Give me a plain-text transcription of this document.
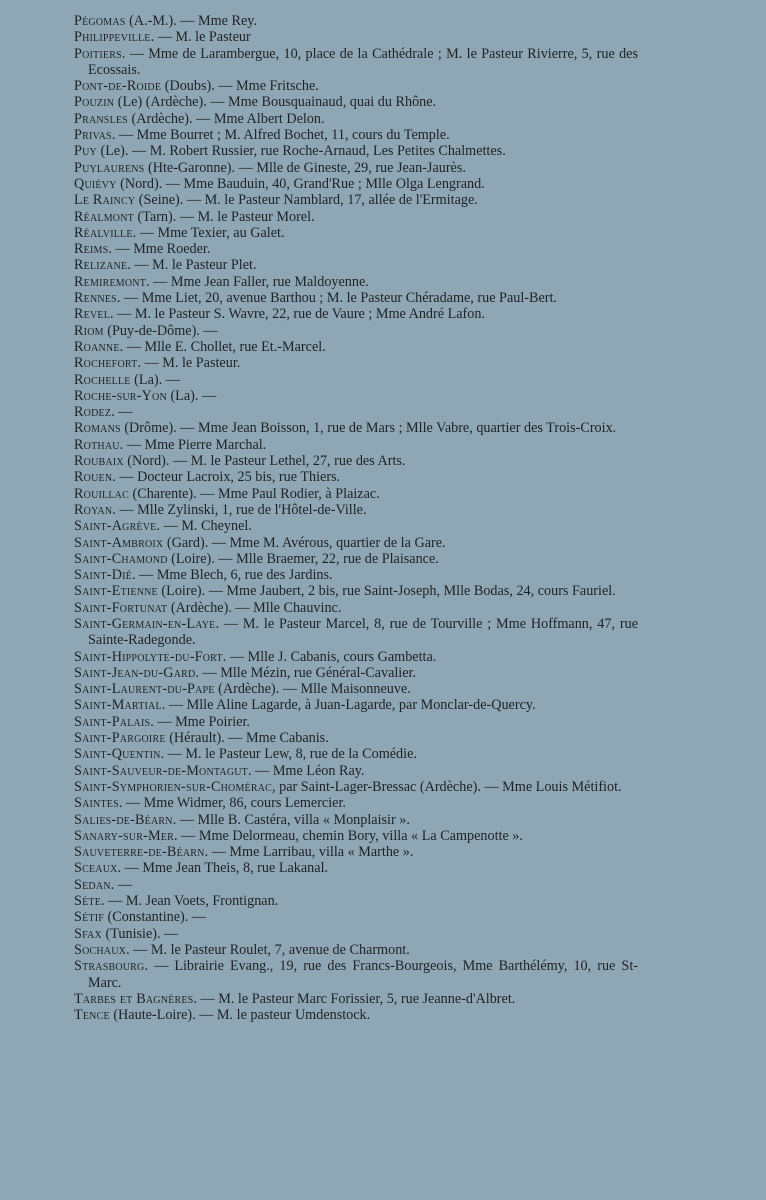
Pégomas (A.-M.). — Mme Rey.
Philippeville. — M. le Pasteur
Poitiers. — Mme de Larambergue, 10, place de la Cathédrale ; M. le Pasteur Rivierre, 5, rue des Ecossais.
Pont-de-Roide (Doubs). — Mme Fritsche.
Pouzin (Le) (Ardèche). — Mme Bousquainaud, quai du Rhône.
Pransles (Ardèche). — Mme Albert Delon.
Privas. — Mme Bourret ; M. Alfred Bochet, 11, cours du Temple.
Puy (Le). — M. Robert Russier, rue Roche-Arnaud, Les Petites Chalmettes.
Puylaurens (Hte-Garonne). — Mlle de Gineste, 29, rue Jean-Jaurès.
Quiévy (Nord). — Mme Bauduin, 40, Grand'Rue ; Mlle Olga Lengrand.
Le Raincy (Seine). — M. le Pasteur Namblard, 17, allée de l'Ermitage.
Réalmont (Tarn). — M. le Pasteur Morel.
Réalville. — Mme Texier, au Galet.
Reims. — Mme Roeder.
Relizane. — M. le Pasteur Plet.
Remiremont. — Mme Jean Faller, rue Maldoyenne.
Rennes. — Mme Liet, 20, avenue Barthou ; M. le Pasteur Chéradame, rue Paul-Bert.
Revel. — M. le Pasteur S. Wavre, 22, rue de Vaure ; Mme André Lafon.
Riom (Puy-de-Dôme). —
Roanne. — Mlle E. Chollet, rue Et.-Marcel.
Rochefort. — M. le Pasteur.
Rochelle (La). —
Roche-sur-Yon (La). —
Rodez. —
Romans (Drôme). — Mme Jean Boisson, 1, rue de Mars ; Mlle Vabre, quartier des Trois-Croix.
Rothau. — Mme Pierre Marchal.
Roubaix (Nord). — M. le Pasteur Lethel, 27, rue des Arts.
Rouen. — Docteur Lacroix, 25 bis, rue Thiers.
Rouillac (Charente). — Mme Paul Rodier, à Plaizac.
Royan. — Mlle Zylinski, 1, rue de l'Hôtel-de-Ville.
Saint-Agrève. — M. Cheynel.
Saint-Ambroix (Gard). — Mme M. Avérous, quartier de la Gare.
Saint-Chamond (Loire). — Mlle Braemer, 22, rue de Plaisance.
Saint-Dié. — Mme Blech, 6, rue des Jardins.
Saint-Etienne (Loire). — Mme Jaubert, 2 bis, rue Saint-Joseph, Mlle Bodas, 24, cours Fauriel.
Saint-Fortunat (Ardèche). — Mlle Chauvinc.
Saint-Germain-en-Laye. — M. le Pasteur Marcel, 8, rue de Tourville ; Mme Hoffmann, 47, rue Sainte-Radegonde.
Saint-Hippolyte-du-Fort. — Mlle J. Cabanis, cours Gambetta.
Saint-Jean-du-Gard. — Mlle Mézin, rue Général-Cavalier.
Saint-Laurent-du-Pape (Ardèche). — Mlle Maisonneuve.
Saint-Martial. — Mlle Aline Lagarde, à Juan-Lagarde, par Monclar-de-Quercy.
Saint-Palais. — Mme Poirier.
Saint-Pargoire (Hérault). — Mme Cabanis.
Saint-Quentin. — M. le Pasteur Lew, 8, rue de la Comédie.
Saint-Sauveur-de-Montagut. — Mme Léon Ray.
Saint-Symphorien-sur-Chomérac, par Saint-Lager-Bressac (Ardèche). — Mme Louis Métifiot.
Saintes. — Mme Widmer, 86, cours Lemercier.
Salies-de-Béarn. — Mlle B. Castéra, villa « Monplaisir ».
Sanary-sur-Mer. — Mme Delormeau, chemin Bory, villa « La Campenotte ».
Sauveterre-de-Béarn. — Mme Larribau, villa « Marthe ».
Sceaux. — Mme Jean Theis, 8, rue Lakanal.
Sedan. —
Sète. — M. Jean Voets, Frontignan.
Sétif (Constantine). —
Sfax (Tunisie). —
Sochaux. — M. le Pasteur Roulet, 7, avenue de Charmont.
Strasbourg. — Librairie Evang., 19, rue des Francs-Bourgeois, Mme Barthélémy, 10, rue St-Marc.
Tarbes et Bagnères. — M. le Pasteur Marc Forissier, 5, rue Jeanne-d'Albret.
Tence (Haute-Loire). — M. le pasteur Umdenstock.
